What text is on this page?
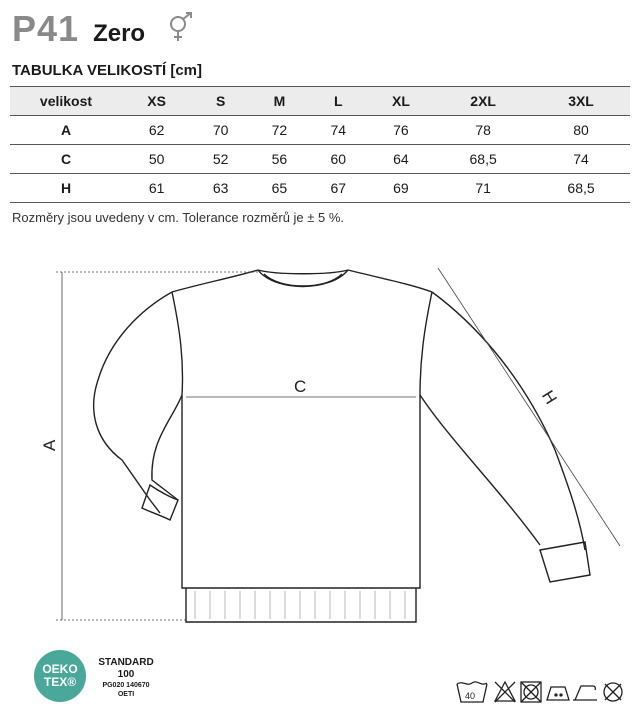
P41 Zero
TABULKA VELIKOSTÍ [cm]
velikost	XS	S	M	L	XL	2XL	3XL
A	62	70	72	74	76	78	80
C	50	52	56	60	64	68,5	74
H	61	63	65	67	69	71	68,5
Rozměry jsou uvedeny v cm. Tolerance rozměrů je ± 5 %.
A
C
H
OEKO
TEX®
STANDARD
100
PG020 140670
OETI	40
